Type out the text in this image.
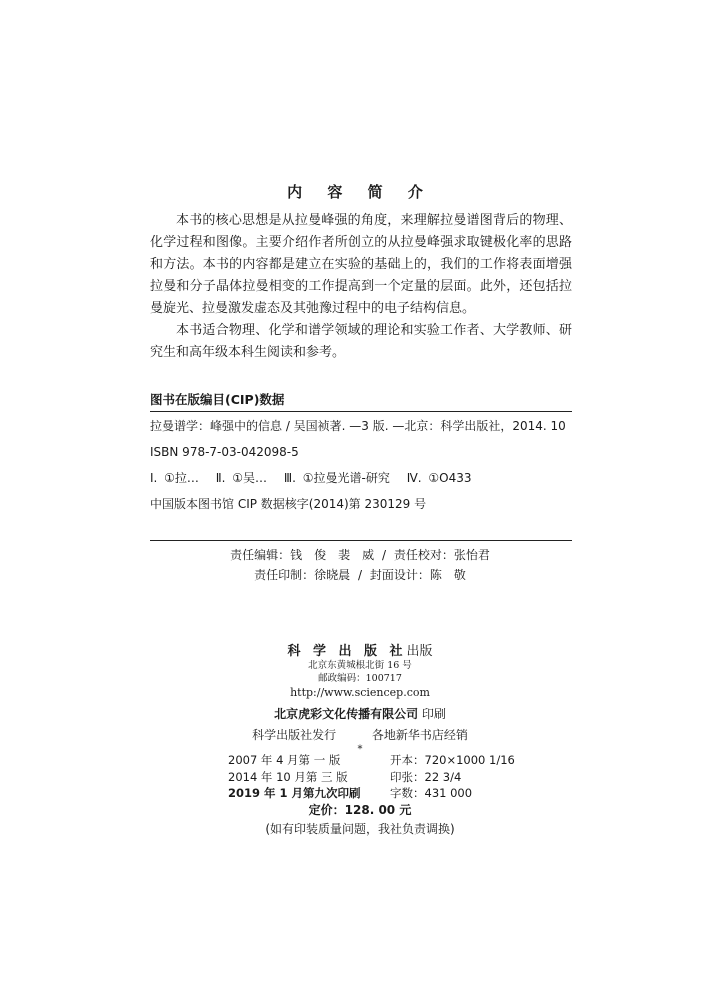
内 容 简 介

本书的核心思想是从拉曼峰强的角度，来理解拉曼谱图背后的物理、化学过程和图像。主要介绍作者所创立的从拉曼峰强求取键极化率的思路和方法。本书的内容都是建立在实验的基础上的，我们的工作将表面增强拉曼和分子晶体拉曼相变的工作提高到一个定量的层面。此外，还包括拉曼旋光、拉曼激发虚态及其弛豫过程中的电子结构信息。

本书适合物理、化学和谱学领域的理论和实验工作者、大学教师、研究生和高年级本科生阅读和参考。

图书在版编目(CIP)数据

拉曼谱学：峰强中的信息 / 吴国祯著. —3 版. —北京：科学出版社，2014. 10

ISBN 978-7-03-042098-5

Ⅰ. ①拉… Ⅱ. ①吴… Ⅲ. ①拉曼光谱-研究 Ⅳ. ①O433

中国版本图书馆 CIP 数据核字(2014)第 230129 号

责任编辑：钱　俊　裴　威 / 责任校对：张怡君
责任印制：徐晓晨 / 封面设计：陈　敬
科 学 出 版 社出版
北京东黄城根北街 16 号
邮政编码：100717
http://www.sciencep.com
北京虎彩文化传播有限公司 印刷
科学出版社发行	各地新华书店经销
*
2007 年 4 月第 一 版	开本：720×1000 1/16
2014 年 10 月第 三 版	印张：22 3/4
2019 年 1 月第九次印刷	字数：431 000
定价：128. 00 元
(如有印装质量问题，我社负责调换)
